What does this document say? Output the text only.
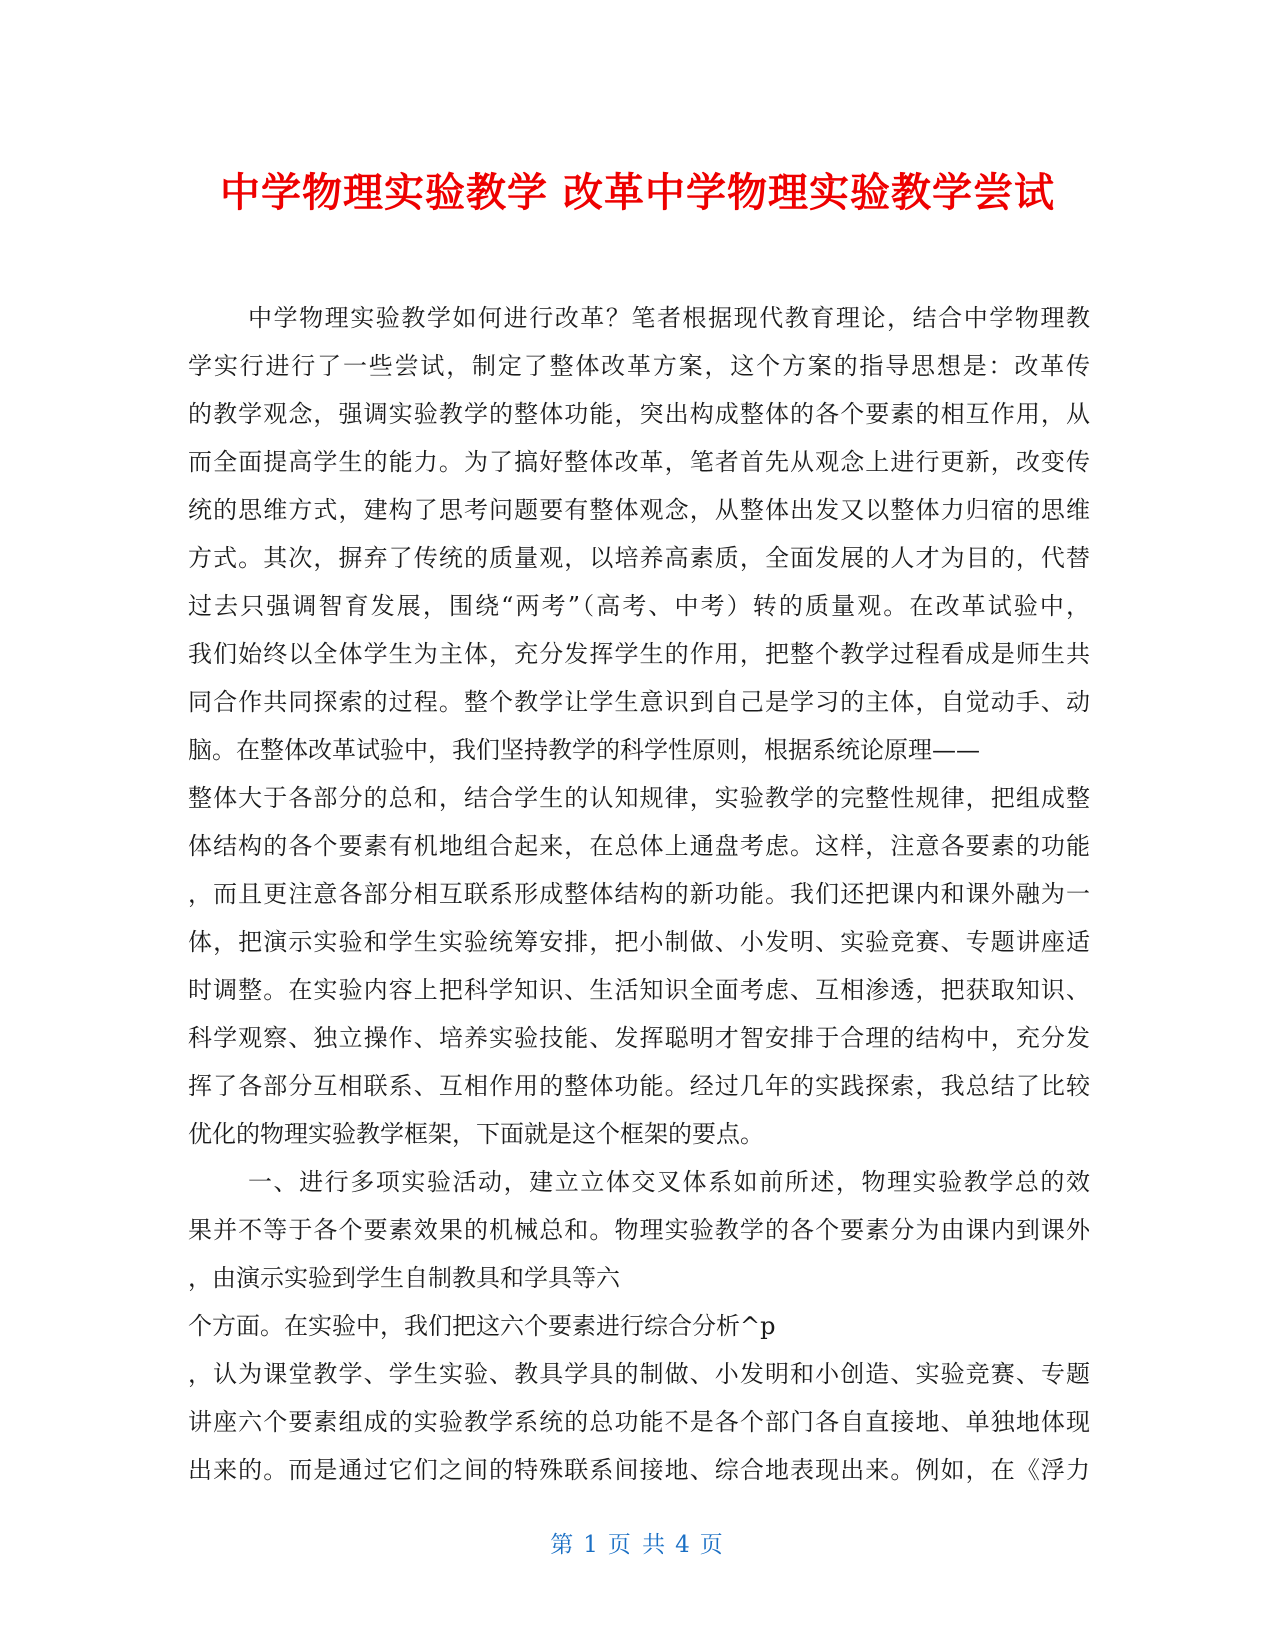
中学物理实验教学 改革中学物理实验教学尝试
中学物理实验教学如何进行改革？笔者根据现代教育理论，结合中学物理教
学实行进行了一些尝试，制定了整体改革方案，这个方案的指导思想是：改革传
的教学观念，强调实验教学的整体功能，突出构成整体的各个要素的相互作用，从
而全面提高学生的能力。为了搞好整体改革，笔者首先从观念上进行更新，改变传
统的思维方式，建构了思考问题要有整体观念，从整体出发又以整体力归宿的思维
方式。其次，摒弃了传统的质量观，以培养高素质，全面发展的人才为目的，代替
过去只强调智育发展，围绕“两考”（高考、中考）转的质量观。在改革试验中，
我们始终以全体学生为主体，充分发挥学生的作用，把整个教学过程看成是师生共
同合作共同探索的过程。整个教学让学生意识到自己是学习的主体，自觉动手、动
脑。在整体改革试验中，我们坚持教学的科学性原则，根据系统论原理——
整体大于各部分的总和，结合学生的认知规律，实验教学的完整性规律，把组成整
体结构的各个要素有机地组合起来，在总体上通盘考虑。这样，注意各要素的功能
，而且更注意各部分相互联系形成整体结构的新功能。我们还把课内和课外融为一
体，把演示实验和学生实验统筹安排，把小制做、小发明、实验竞赛、专题讲座适
时调整。在实验内容上把科学知识、生活知识全面考虑、互相渗透，把获取知识、
科学观察、独立操作、培养实验技能、发挥聪明才智安排于合理的结构中，充分发
挥了各部分互相联系、互相作用的整体功能。经过几年的实践探索，我总结了比较
优化的物理实验教学框架，下面就是这个框架的要点。
一、进行多项实验活动，建立立体交叉体系如前所述，物理实验教学总的效
果并不等于各个要素效果的机械总和。物理实验教学的各个要素分为由课内到课外
，由演示实验到学生自制教具和学具等六
个方面。在实验中，我们把这六个要素进行综合分析^p
，认为课堂教学、学生实验、教具学具的制做、小发明和小创造、实验竞赛、专题
讲座六个要素组成的实验教学系统的总功能不是各个部门各自直接地、单独地体现
出来的。而是通过它们之间的特殊联系间接地、综合地表现出来。例如，在《浮力
第 1 页 共 4 页
